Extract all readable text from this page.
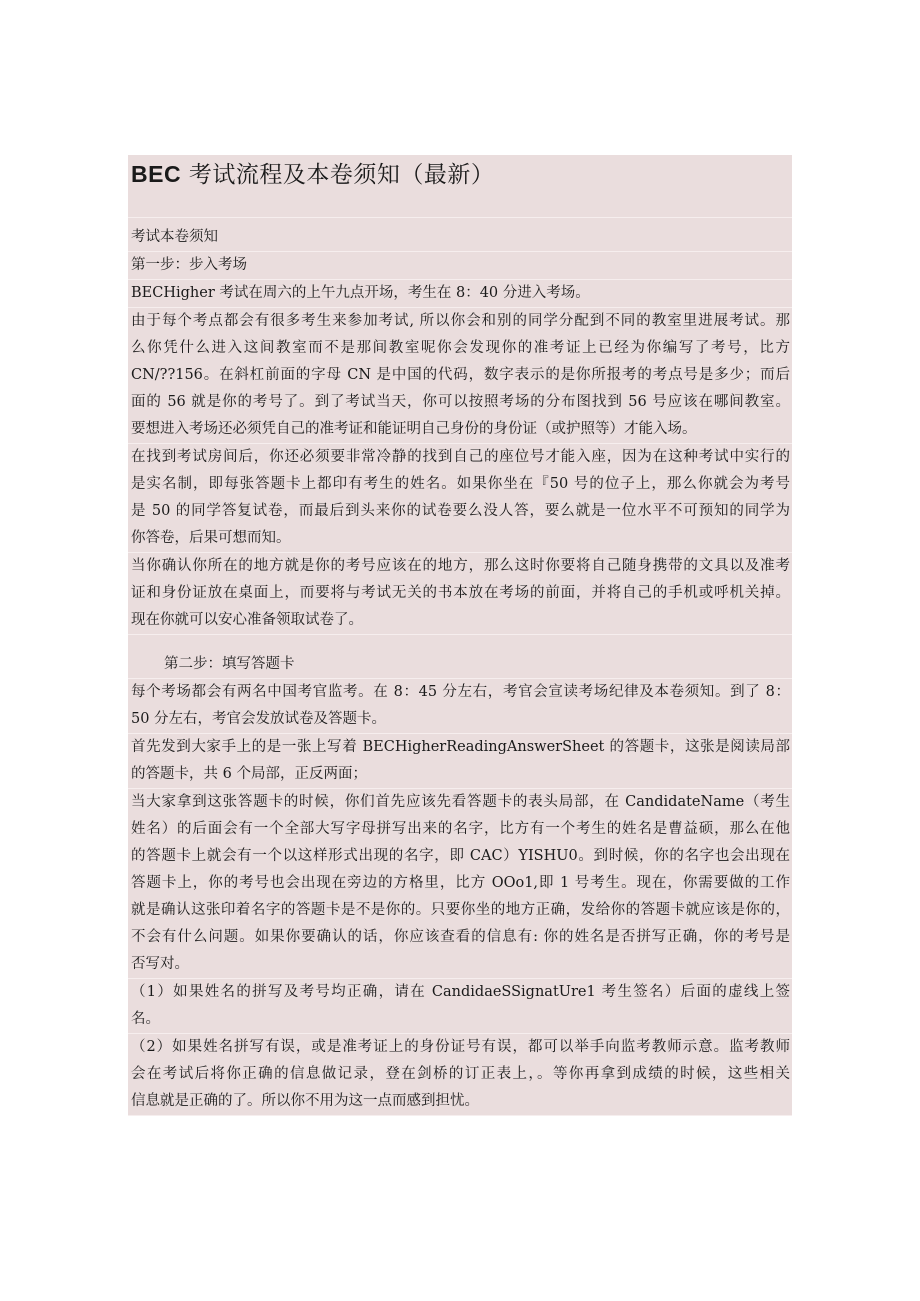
BEC 考试流程及本卷须知（最新）
考试本卷须知
第一步：步入考场
BECHigher 考试在周六的上午九点开场，考生在 8：40 分进入考场。
由于每个考点都会有很多考生来参加考试, 所以你会和别的同学分配到不同的教室里进展考试。那
么你凭什么进入这间教室而不是那间教室呢你会发现你的准考证上已经为你编写了考号，比方
CN/??156。在斜杠前面的字母 CN 是中国的代码，数字表示的是你所报考的考点号是多少；而后
面的 56 就是你的考号了。到了考试当天，你可以按照考场的分布图找到 56 号应该在哪间教室。
要想进入考场还必须凭自己的准考证和能证明自己身份的身份证（或护照等）才能入场。
在找到考试房间后，你还必须要非常冷静的找到自己的座位号才能入座，因为在这种考试中实行的
是实名制，即每张答题卡上都印有考生的姓名。如果你坐在『50 号的位子上，那么你就会为考号
是 50 的同学答复试卷，而最后到头来你的试卷要么没人答，要么就是一位水平不可预知的同学为
你答卷，后果可想而知。
当你确认你所在的地方就是你的考号应该在的地方，那么这时你要将自己随身携带的文具以及准考
证和身份证放在桌面上，而要将与考试无关的书本放在考场的前面，并将自己的手机或呼机关掉。
现在你就可以安心准备领取试卷了。
第二步：填写答题卡
每个考场都会有两名中国考官监考。在 8：45 分左右，考官会宣读考场纪律及本卷须知。到了 8：
50 分左右，考官会发放试卷及答题卡。
首先发到大家手上的是一张上写着 BECHigherReadingAnswerSheet 的答题卡，这张是阅读局部
的答题卡，共 6 个局部，正反两面；
当大家拿到这张答题卡的时候，你们首先应该先看答题卡的表头局部，在 CandidateName（考生
姓名）的后面会有一个全部大写字母拼写出来的名字，比方有一个考生的姓名是曹益硕，那么在他
的答题卡上就会有一个以这样形式出现的名字，即 CAC）YISHU0。到时候，你的名字也会出现在
答题卡上，你的考号也会出现在旁边的方格里，比方 OOo1,即 1 号考生。现在，你需要做的工作
就是确认这张印着名字的答题卡是不是你的。只要你坐的地方正确，发给你的答题卡就应该是你的，
不会有什么问题。如果你要确认的话，你应该查看的信息有: 你的姓名是否拼写正确，你的考号是
否写对。
（1）如果姓名的拼写及考号均正确，请在 CandidaeSSignatUre1 考生签名）后面的虚线上签
名。
（2）如果姓名拼写有误，或是准考证上的身份证号有误，都可以举手向监考教师示意。监考教师
会在考试后将你正确的信息做记录，登在剑桥的订正表上，。等你再拿到成绩的时候，这些相关
信息就是正确的了。所以你不用为这一点而感到担忧。
